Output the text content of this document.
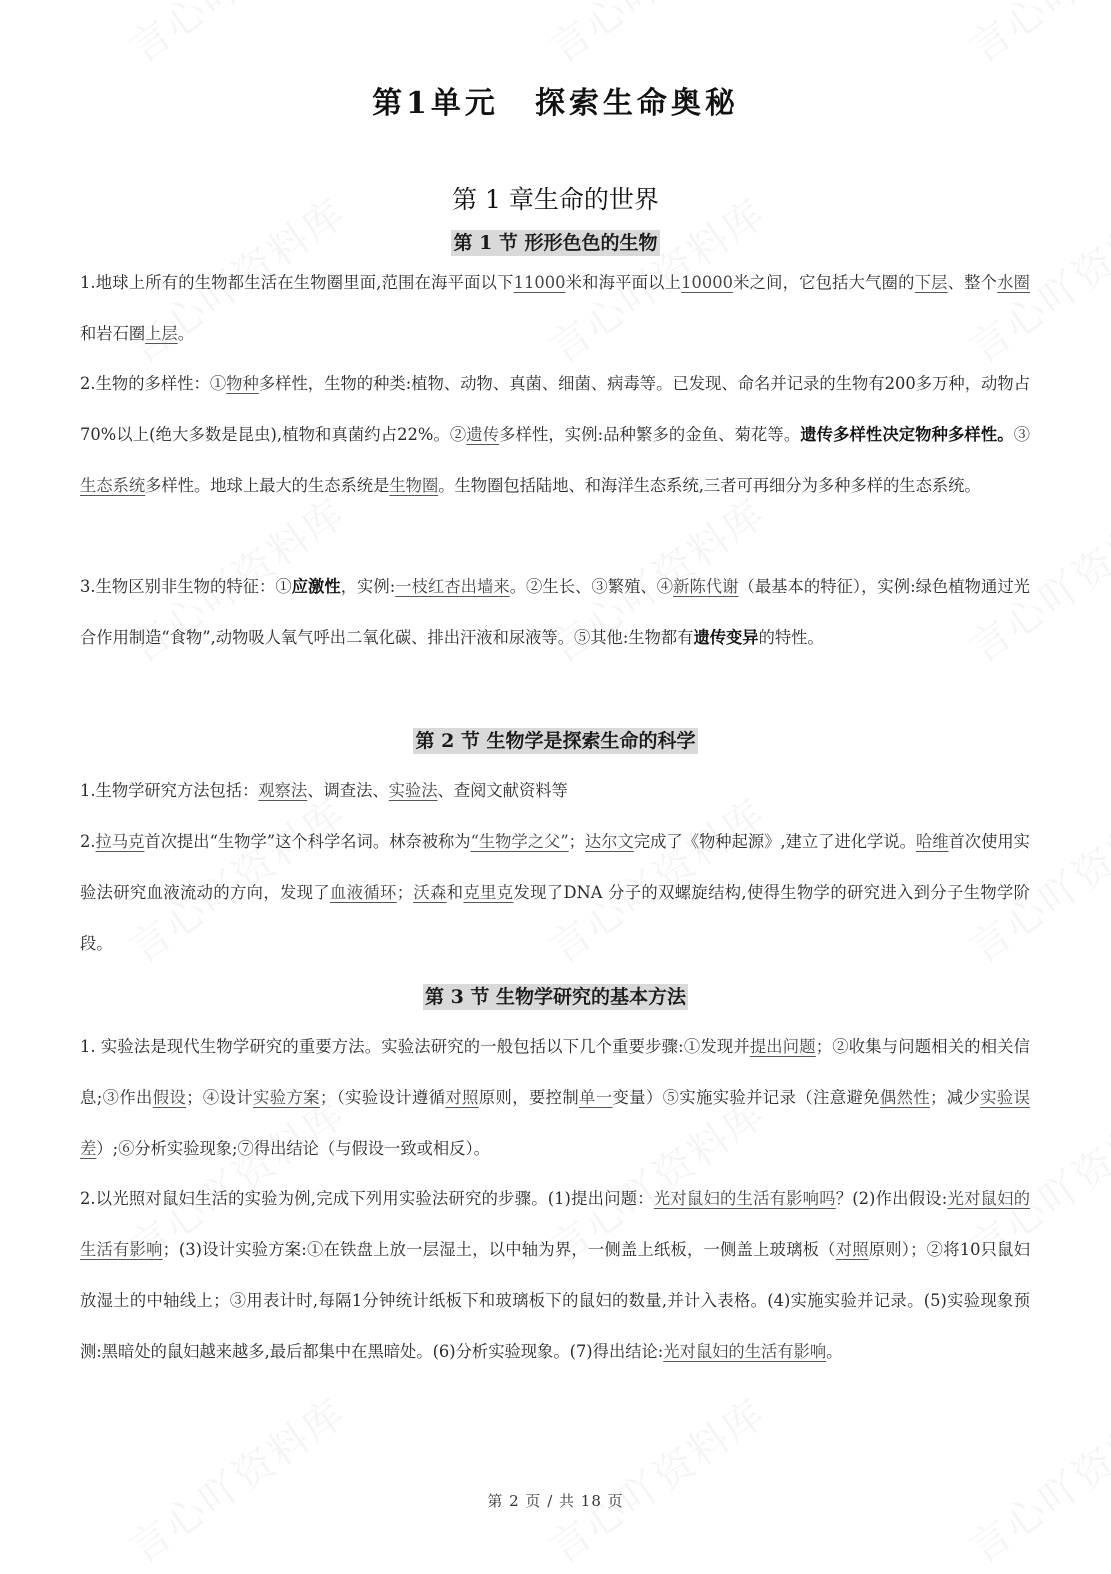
第1单元 探索生命奥秘
第 1 章生命的世界
第 1 节 形形色色的生物
1.地球上所有的生物都生活在生物圈里面,范围在海平面以下11000米和海平面以上10000米之间，它包括大气圈的下层、整个水圈和岩石圈上层。
2.生物的多样性：①物种多样性，生物的种类:植物、动物、真菌、细菌、病毒等。已发现、命名并记录的生物有200多万种，动物占70%以上(绝大多数是昆虫),植物和真菌约占22%。②遗传多样性，实例:品种繁多的金鱼、菊花等。遗传多样性决定物种多样性。③生态系统多样性。地球上最大的生态系统是生物圈。生物圈包括陆地、和海洋生态系统,三者可再细分为多种多样的生态系统。
3.生物区别非生物的特征：①应激性，实例:一枝红杏出墙来。②生长、③繁殖、④新陈代谢（最基本的特征），实例:绿色植物通过光合作用制造“食物”,动物吸人氧气呼出二氧化碳、排出汗液和尿液等。⑤其他:生物都有遗传变异的特性。
第 2 节 生物学是探索生命的科学
1.生物学研究方法包括：观察法、调查法、实验法、查阅文献资料等
2.拉马克首次提出“生物学”这个科学名词。林奈被称为“生物学之父”；达尔文完成了《物种起源》,建立了进化学说。哈维首次使用实验法研究血液流动的方向，发现了血液循环；沃森和克里克发现了DNA 分子的双螺旋结构,使得生物学的研究进入到分子生物学阶段。
第 3 节 生物学研究的基本方法
1. 实验法是现代生物学研究的重要方法。实验法研究的一般包括以下几个重要步骤:①发现并提出问题；②收集与问题相关的相关信息;③作出假设；④设计实验方案；（实验设计遵循对照原则，要控制单一变量）⑤实施实验并记录（注意避免偶然性；减少实验误差）;⑥分析实验现象;⑦得出结论（与假设一致或相反）。
2.以光照对鼠妇生活的实验为例,完成下列用实验法研究的步骤。(1)提出问题：光对鼠妇的生活有影响吗？(2)作出假设:光对鼠妇的生活有影响；(3)设计实验方案:①在铁盘上放一层湿土，以中轴为界，一侧盖上纸板，一侧盖上玻璃板（对照原则）；②将10只鼠妇放湿土的中轴线上；③用表计时,每隔1分钟统计纸板下和玻璃板下的鼠妇的数量,并计入表格。(4)实施实验并记录。(5)实验现象预测:黑暗处的鼠妇越来越多,最后都集中在黑暗处。(6)分析实验现象。(7)得出结论:光对鼠妇的生活有影响。
第 2 页 / 共 18 页
